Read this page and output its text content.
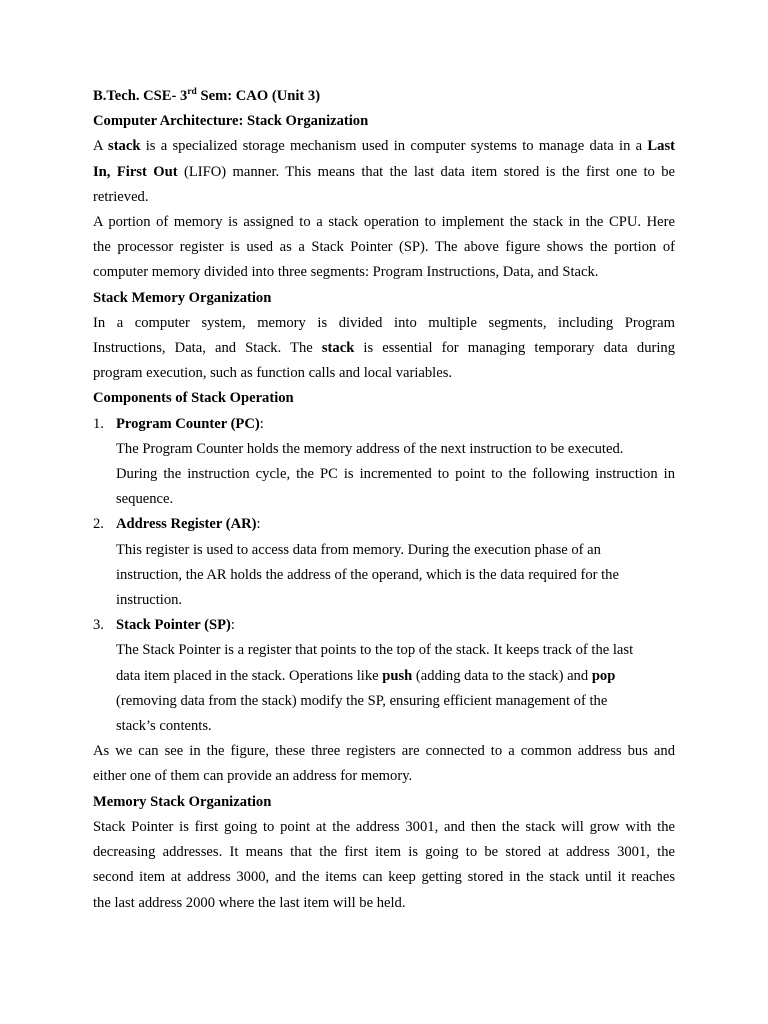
B.Tech. CSE- 3rd Sem: CAO (Unit 3)

Computer Architecture: Stack Organization

A stack is a specialized storage mechanism used in computer systems to manage data in a Last

In, First Out (LIFO) manner. This means that the last data item stored is the first one to be

retrieved.

A portion of memory is assigned to a stack operation to implement the stack in the CPU. Here

the processor register is used as a Stack Pointer (SP). The above figure shows the portion of

computer memory divided into three segments: Program Instructions, Data, and Stack.

Stack Memory Organization

In a computer system, memory is divided into multiple segments, including Program

Instructions, Data, and Stack. The stack is essential for managing temporary data during

program execution, such as function calls and local variables.

Components of Stack Operation

1. Program Counter (PC):

The Program Counter holds the memory address of the next instruction to be executed.

During the instruction cycle, the PC is incremented to point to the following instruction in

sequence.

2. Address Register (AR):

This register is used to access data from memory. During the execution phase of an

instruction, the AR holds the address of the operand, which is the data required for the

instruction.

3. Stack Pointer (SP):

The Stack Pointer is a register that points to the top of the stack. It keeps track of the last

data item placed in the stack. Operations like push (adding data to the stack) and pop

(removing data from the stack) modify the SP, ensuring efficient management of the

stack’s contents.

As we can see in the figure, these three registers are connected to a common address bus and

either one of them can provide an address for memory.

Memory Stack Organization

Stack Pointer is first going to point at the address 3001, and then the stack will grow with the

decreasing addresses. It means that the first item is going to be stored at address 3001, the

second item at address 3000, and the items can keep getting stored in the stack until it reaches

the last address 2000 where the last item will be held.
